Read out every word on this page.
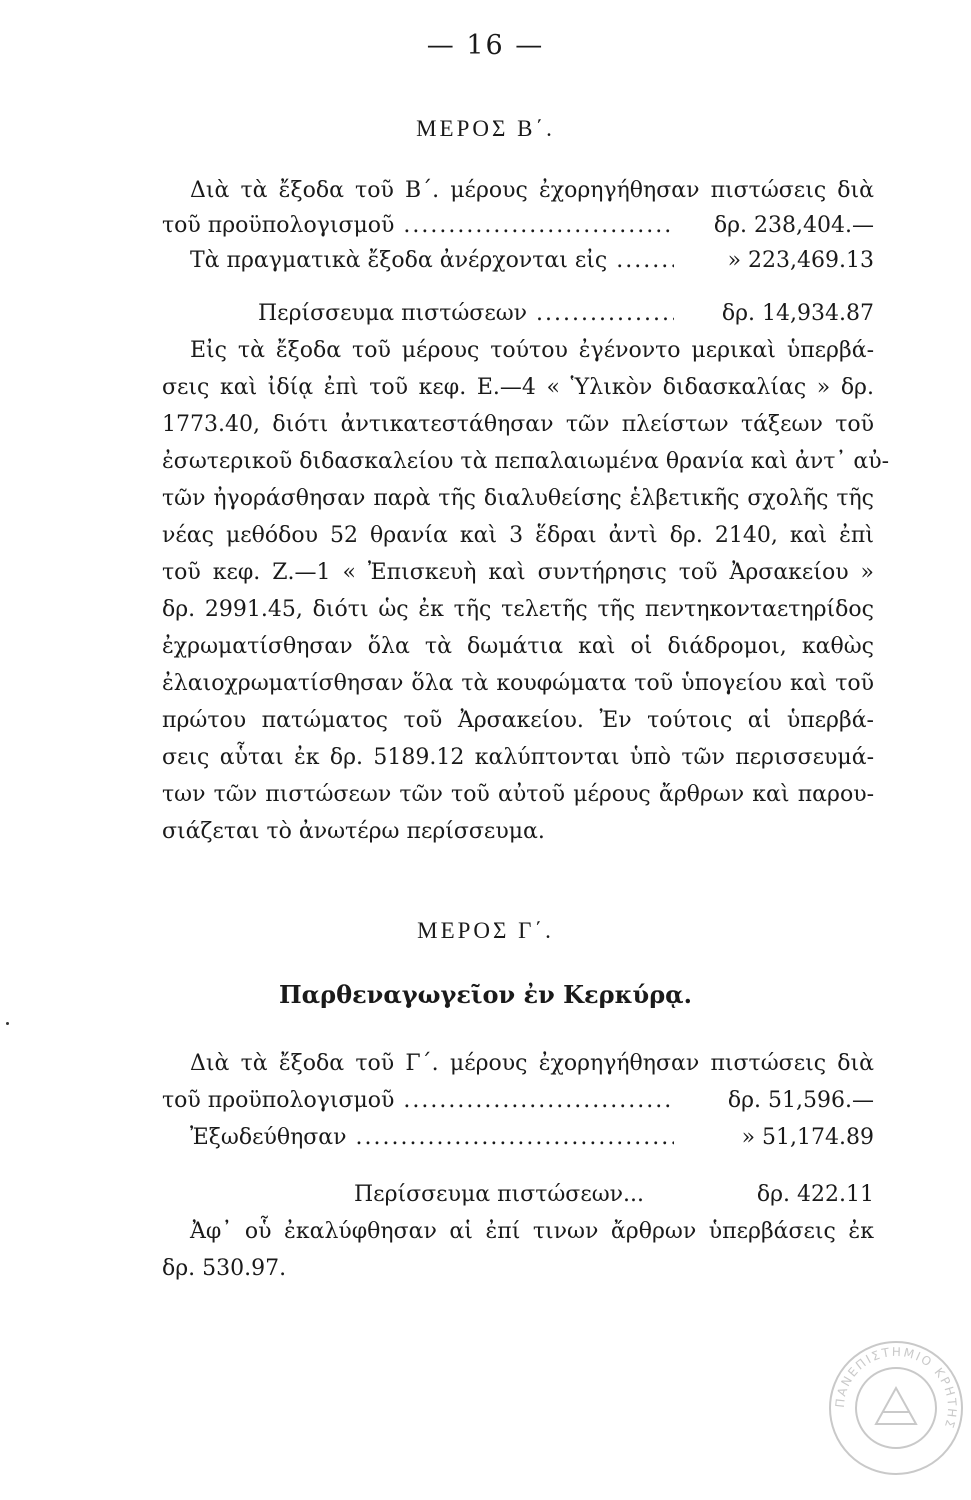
— 16 —
ΜΕΡΟΣ Β΄.
Διὰ τὰ ἔξοδα τοῦ Β΄. μέρους ἐχορηγήθησαν πιστώσεις διὰ
τοῦ προϋπολογισμοῦ .....	δρ. 238,404.—
Τὰ πραγματικὰ ἔξοδα ἀνέρχονται εἰς .....	» 223,469.13
Περίσσευμα πιστώσεων .....	δρ. 14,934.87
Εἰς τὰ ἔξοδα τοῦ μέρους τούτου ἐγένοντο μερικαὶ ὑπερβά-
σεις καὶ ἰδίᾳ ἐπὶ τοῦ κεφ. Ε.—4 « Ὑλικὸν διδασκαλίας » δρ.
1773.40, διότι ἀντικατεστάθησαν τῶν πλείστων τάξεων τοῦ
ἐσωτερικοῦ διδασκαλείου τὰ πεπαλαιωμένα θρανία καὶ ἀντ᾿ αὐ-
τῶν ἠγοράσθησαν παρὰ τῆς διαλυθείσης ἑλβετικῆς σχολῆς τῆς
νέας μεθόδου 52 θρανία καὶ 3 ἕδραι ἀντὶ δρ. 2140, καὶ ἐπὶ
τοῦ κεφ. Ζ.—1 « Ἐπισκευὴ καὶ συντήρησις τοῦ Ἀρσακείου »
δρ. 2991.45, διότι ὡς ἐκ τῆς τελετῆς τῆς πεντηκονταετηρίδος
ἐχρωματίσθησαν ὅλα τὰ δωμάτια καὶ οἱ διάδρομοι, καθὼς
ἐλαιοχρωματίσθησαν ὅλα τὰ κουφώματα τοῦ ὑπογείου καὶ τοῦ
πρώτου πατώματος τοῦ Ἀρσακείου. Ἐν τούτοις αἱ ὑπερβά-
σεις αὗται ἐκ δρ. 5189.12 καλύπτονται ὑπὸ τῶν περισσευμά-
των τῶν πιστώσεων τῶν τοῦ αὐτοῦ μέρους ἄρθρων καὶ παρου-
σιάζεται τὸ ἀνωτέρω περίσσευμα.
ΜΕΡΟΣ Γ΄.
Παρθεναγωγεῖον ἐν Κερκύρᾳ.
Διὰ τὰ ἔξοδα τοῦ Γ΄. μέρους ἐχορηγήθησαν πιστώσεις διὰ
τοῦ προϋπολογισμοῦ .....	δρ. 51,596.—
Ἐξωδεύθησαν .....	» 51,174.89
Περίσσευμα πιστώσεων...	δρ. 422.11
Ἀφ᾿ οὗ ἐκαλύφθησαν αἱ ἐπί τινων ἄρθρων ὑπερβάσεις ἐκ
δρ. 530.97.
ΠΑΝΕΠΙΣΤΗΜΙΟ ΚΡΗΤΗΣ
